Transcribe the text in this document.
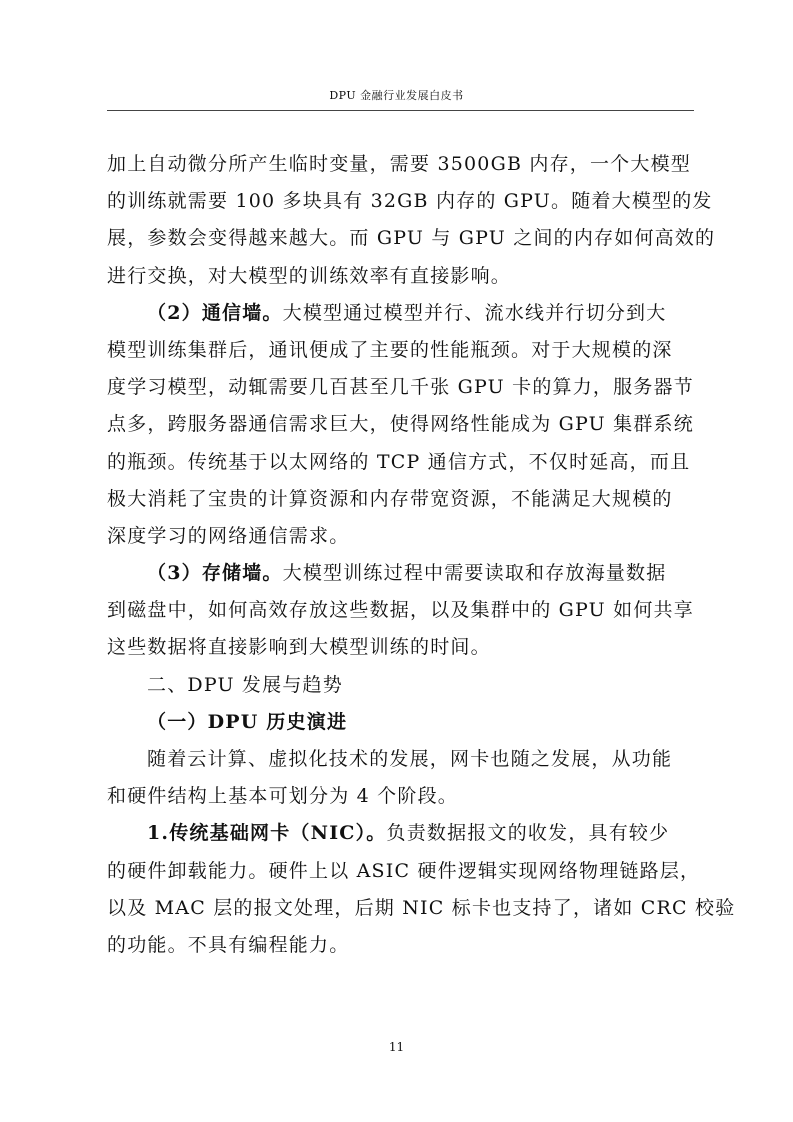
DPU 金融行业发展白皮书
加上自动微分所产生临时变量，需要 3500GB 内存，一个大模型
的训练就需要 100 多块具有 32GB 内存的 GPU。随着大模型的发
展，参数会变得越来越大。而 GPU 与 GPU 之间的内存如何高效的
进行交换，对大模型的训练效率有直接影响。
（2）通信墙。大模型通过模型并行、流水线并行切分到大
模型训练集群后，通讯便成了主要的性能瓶颈。对于大规模的深
度学习模型，动辄需要几百甚至几千张 GPU 卡的算力，服务器节
点多，跨服务器通信需求巨大，使得网络性能成为 GPU 集群系统
的瓶颈。传统基于以太网络的 TCP 通信方式，不仅时延高，而且
极大消耗了宝贵的计算资源和内存带宽资源，不能满足大规模的
深度学习的网络通信需求。
（3）存储墙。大模型训练过程中需要读取和存放海量数据
到磁盘中，如何高效存放这些数据，以及集群中的 GPU 如何共享
这些数据将直接影响到大模型训练的时间。
二、DPU 发展与趋势
（一）DPU 历史演进
随着云计算、虚拟化技术的发展，网卡也随之发展，从功能
和硬件结构上基本可划分为 4 个阶段。
1.传统基础网卡（NIC）。负责数据报文的收发，具有较少
的硬件卸载能力。硬件上以 ASIC 硬件逻辑实现网络物理链路层，
以及 MAC 层的报文处理，后期 NIC 标卡也支持了，诸如 CRC 校验
的功能。不具有编程能力。
11
